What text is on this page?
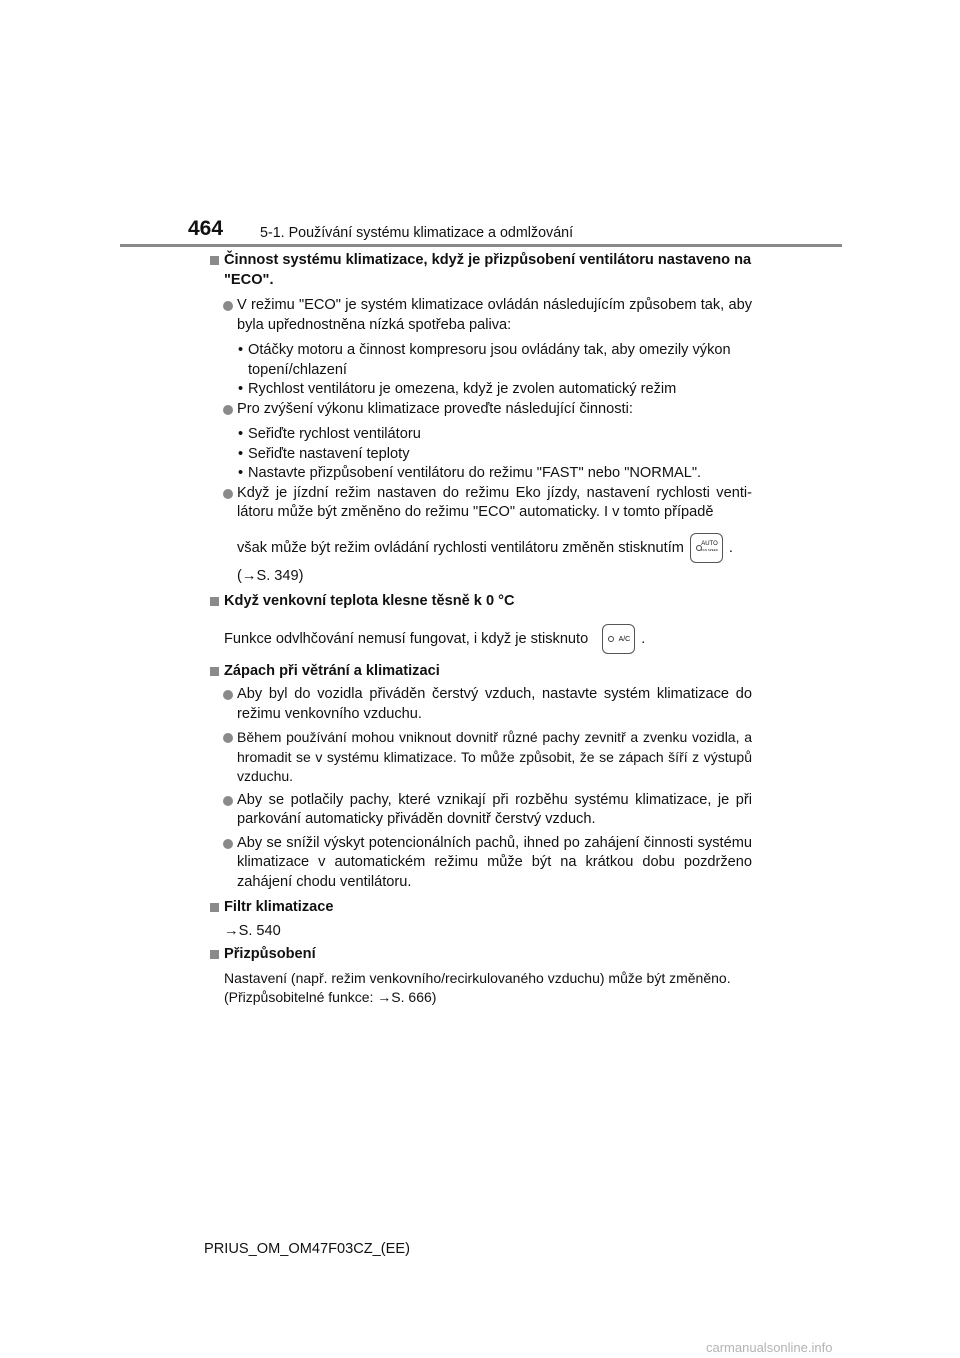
464	5-1. Používání systému klimatizace a odmlžování
Činnost systému klimatizace, když je přizpůsobení ventilátoru nastaveno na "ECO".
V režimu "ECO" je systém klimatizace ovládán následujícím způsobem tak, aby byla upřednostněna nízká spotřeba paliva:
• Otáčky motoru a činnost kompresoru jsou ovládány tak, aby omezily výkon topení/chlazení
• Rychlost ventilátoru je omezena, když je zvolen automatický režim
Pro zvýšení výkonu klimatizace proveďte následující činnosti:
• Seřiďte rychlost ventilátoru
• Seřiďte nastavení teploty
• Nastavte přizpůsobení ventilátoru do režimu "FAST" nebo "NORMAL".
Když je jízdní režim nastaven do režimu Eko jízdy, nastavení rychlosti ventilátoru může být změněno do režimu "ECO" automaticky. I v tomto případě
však může být režim ovládání rychlosti ventilátoru změněn stisknutím	AUTO
FAN SPEED .
(→S. 349)
Když venkovní teplota klesne těsně k 0 °C
Funkce odvlhčování nemusí fungovat, i když je stisknuto	A/C .
Zápach při větrání a klimatizaci
Aby byl do vozidla přiváděn čerstvý vzduch, nastavte systém klimatizace do režimu venkovního vzduchu.
Během používání mohou vniknout dovnitř různé pachy zevnitř a zvenku vozidla, a hromadit se v systému klimatizace. To může způsobit, že se zápach šíří z výstupů vzduchu.
Aby se potlačily pachy, které vznikají při rozběhu systému klimatizace, je při parkování automaticky přiváděn dovnitř čerstvý vzduch.
Aby se snížil výskyt potencionálních pachů, ihned po zahájení činnosti systému klimatizace v automatickém režimu může být na krátkou dobu pozdrženo zahájení chodu ventilátoru.
Filtr klimatizace
→S. 540
Přizpůsobení
Nastavení (např. režim venkovního/recirkulovaného vzduchu) může být změněno. (Přizpůsobitelné funkce: →S. 666)
PRIUS_OM_OM47F03CZ_(EE)
carmanualsonline.info
